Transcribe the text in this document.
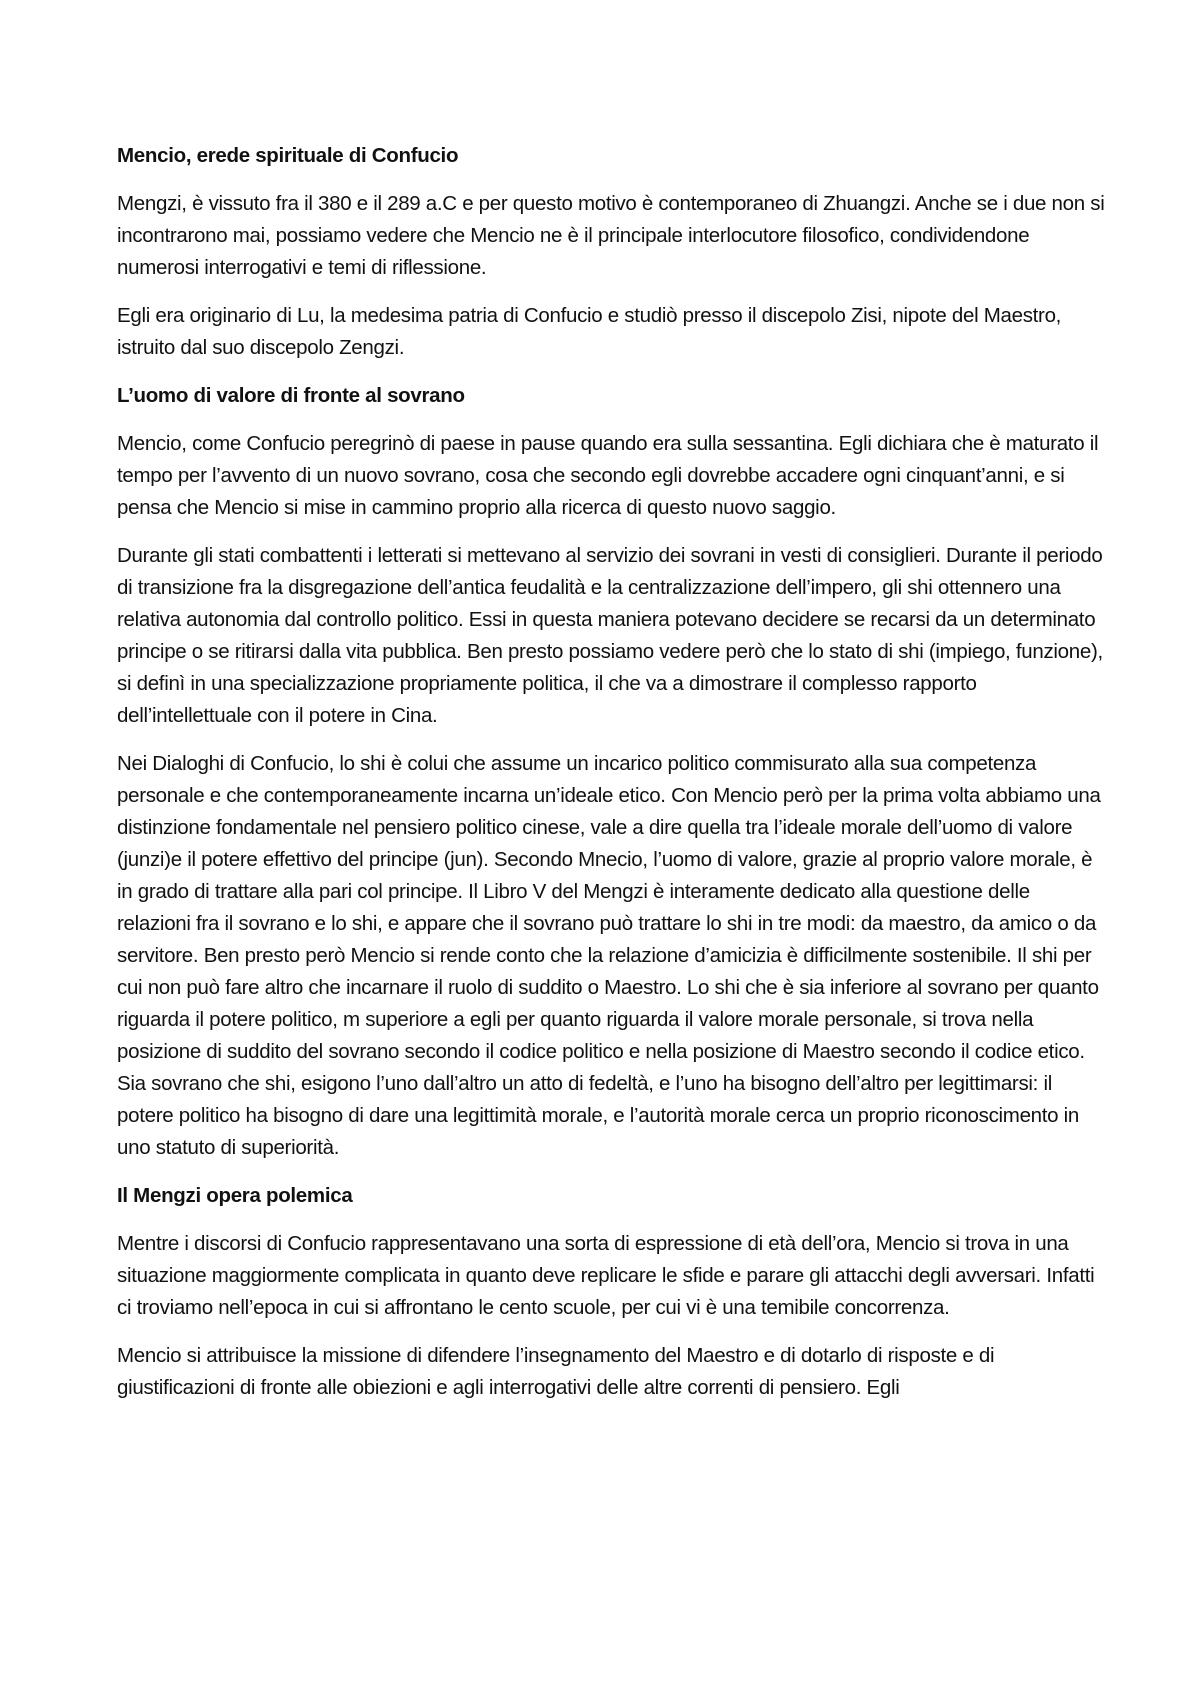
Mencio, erede spirituale di Confucio
Mengzi, è vissuto fra il 380 e il 289 a.C e per questo motivo è contemporaneo di Zhuangzi. Anche se i due non si incontrarono mai, possiamo vedere che Mencio ne è il principale interlocutore filosofico, condividendone numerosi interrogativi e temi di riflessione.
Egli era originario di Lu, la medesima patria di Confucio e studiò presso il discepolo Zisi, nipote del Maestro, istruito dal suo discepolo Zengzi.
L’uomo di valore di fronte al sovrano
Mencio, come Confucio peregrinò di paese in pause quando era sulla sessantina. Egli dichiara che è maturato il tempo per l’avvento di un nuovo sovrano, cosa che secondo egli dovrebbe accadere ogni cinquant’anni, e si pensa che Mencio si mise in cammino proprio alla ricerca di questo nuovo saggio.
Durante gli stati combattenti i letterati si mettevano al servizio dei sovrani in vesti di consiglieri. Durante il periodo di transizione fra la disgregazione dell’antica feudalità e la centralizzazione dell’impero, gli shi ottennero una relativa autonomia dal controllo politico. Essi in questa maniera potevano decidere se recarsi da un determinato principe o se ritirarsi dalla vita pubblica. Ben presto possiamo vedere però che lo stato di shi (impiego, funzione), si definì in una specializzazione propriamente politica, il che va a dimostrare il complesso rapporto dell’intellettuale con il potere in Cina.
Nei Dialoghi di Confucio, lo shi è colui che assume un incarico politico commisurato alla sua competenza personale e che contemporaneamente incarna un’ideale etico. Con Mencio però per la prima volta abbiamo una distinzione fondamentale nel pensiero politico cinese, vale a dire quella tra l’ideale morale dell’uomo di valore (junzi)e il potere effettivo del principe (jun). Secondo Mnecio, l’uomo di valore, grazie al proprio valore morale, è in grado di trattare alla pari col principe. Il Libro V del Mengzi è interamente dedicato alla questione delle relazioni fra il sovrano e lo shi, e appare che il sovrano può trattare lo shi in tre modi: da maestro, da amico o da servitore. Ben presto però Mencio si rende conto che la relazione d’amicizia è difficilmente sostenibile. Il shi per cui non può fare altro che incarnare il ruolo di suddito o Maestro. Lo shi che è sia inferiore al sovrano per quanto riguarda il potere politico, m superiore a egli per quanto riguarda il valore morale personale, si trova nella posizione di suddito del sovrano secondo il codice politico e nella posizione di Maestro secondo il codice etico. Sia sovrano che shi, esigono l’uno dall’altro un atto di fedeltà, e l’uno ha bisogno dell’altro per legittimarsi: il potere politico ha bisogno di dare una legittimità morale, e l’autorità morale cerca un proprio riconoscimento in uno statuto di superiorità.
Il Mengzi opera polemica
Mentre i discorsi di Confucio rappresentavano una sorta di espressione di età dell’ora, Mencio si trova in una situazione maggiormente complicata in quanto deve replicare le sfide e parare gli attacchi degli avversari. Infatti ci troviamo nell’epoca in cui si affrontano le cento scuole, per cui vi è una temibile concorrenza.
Mencio si attribuisce la missione di difendere l’insegnamento del Maestro e di dotarlo di risposte e di giustificazioni di fronte alle obiezioni e agli interrogativi delle altre correnti di pensiero. Egli
